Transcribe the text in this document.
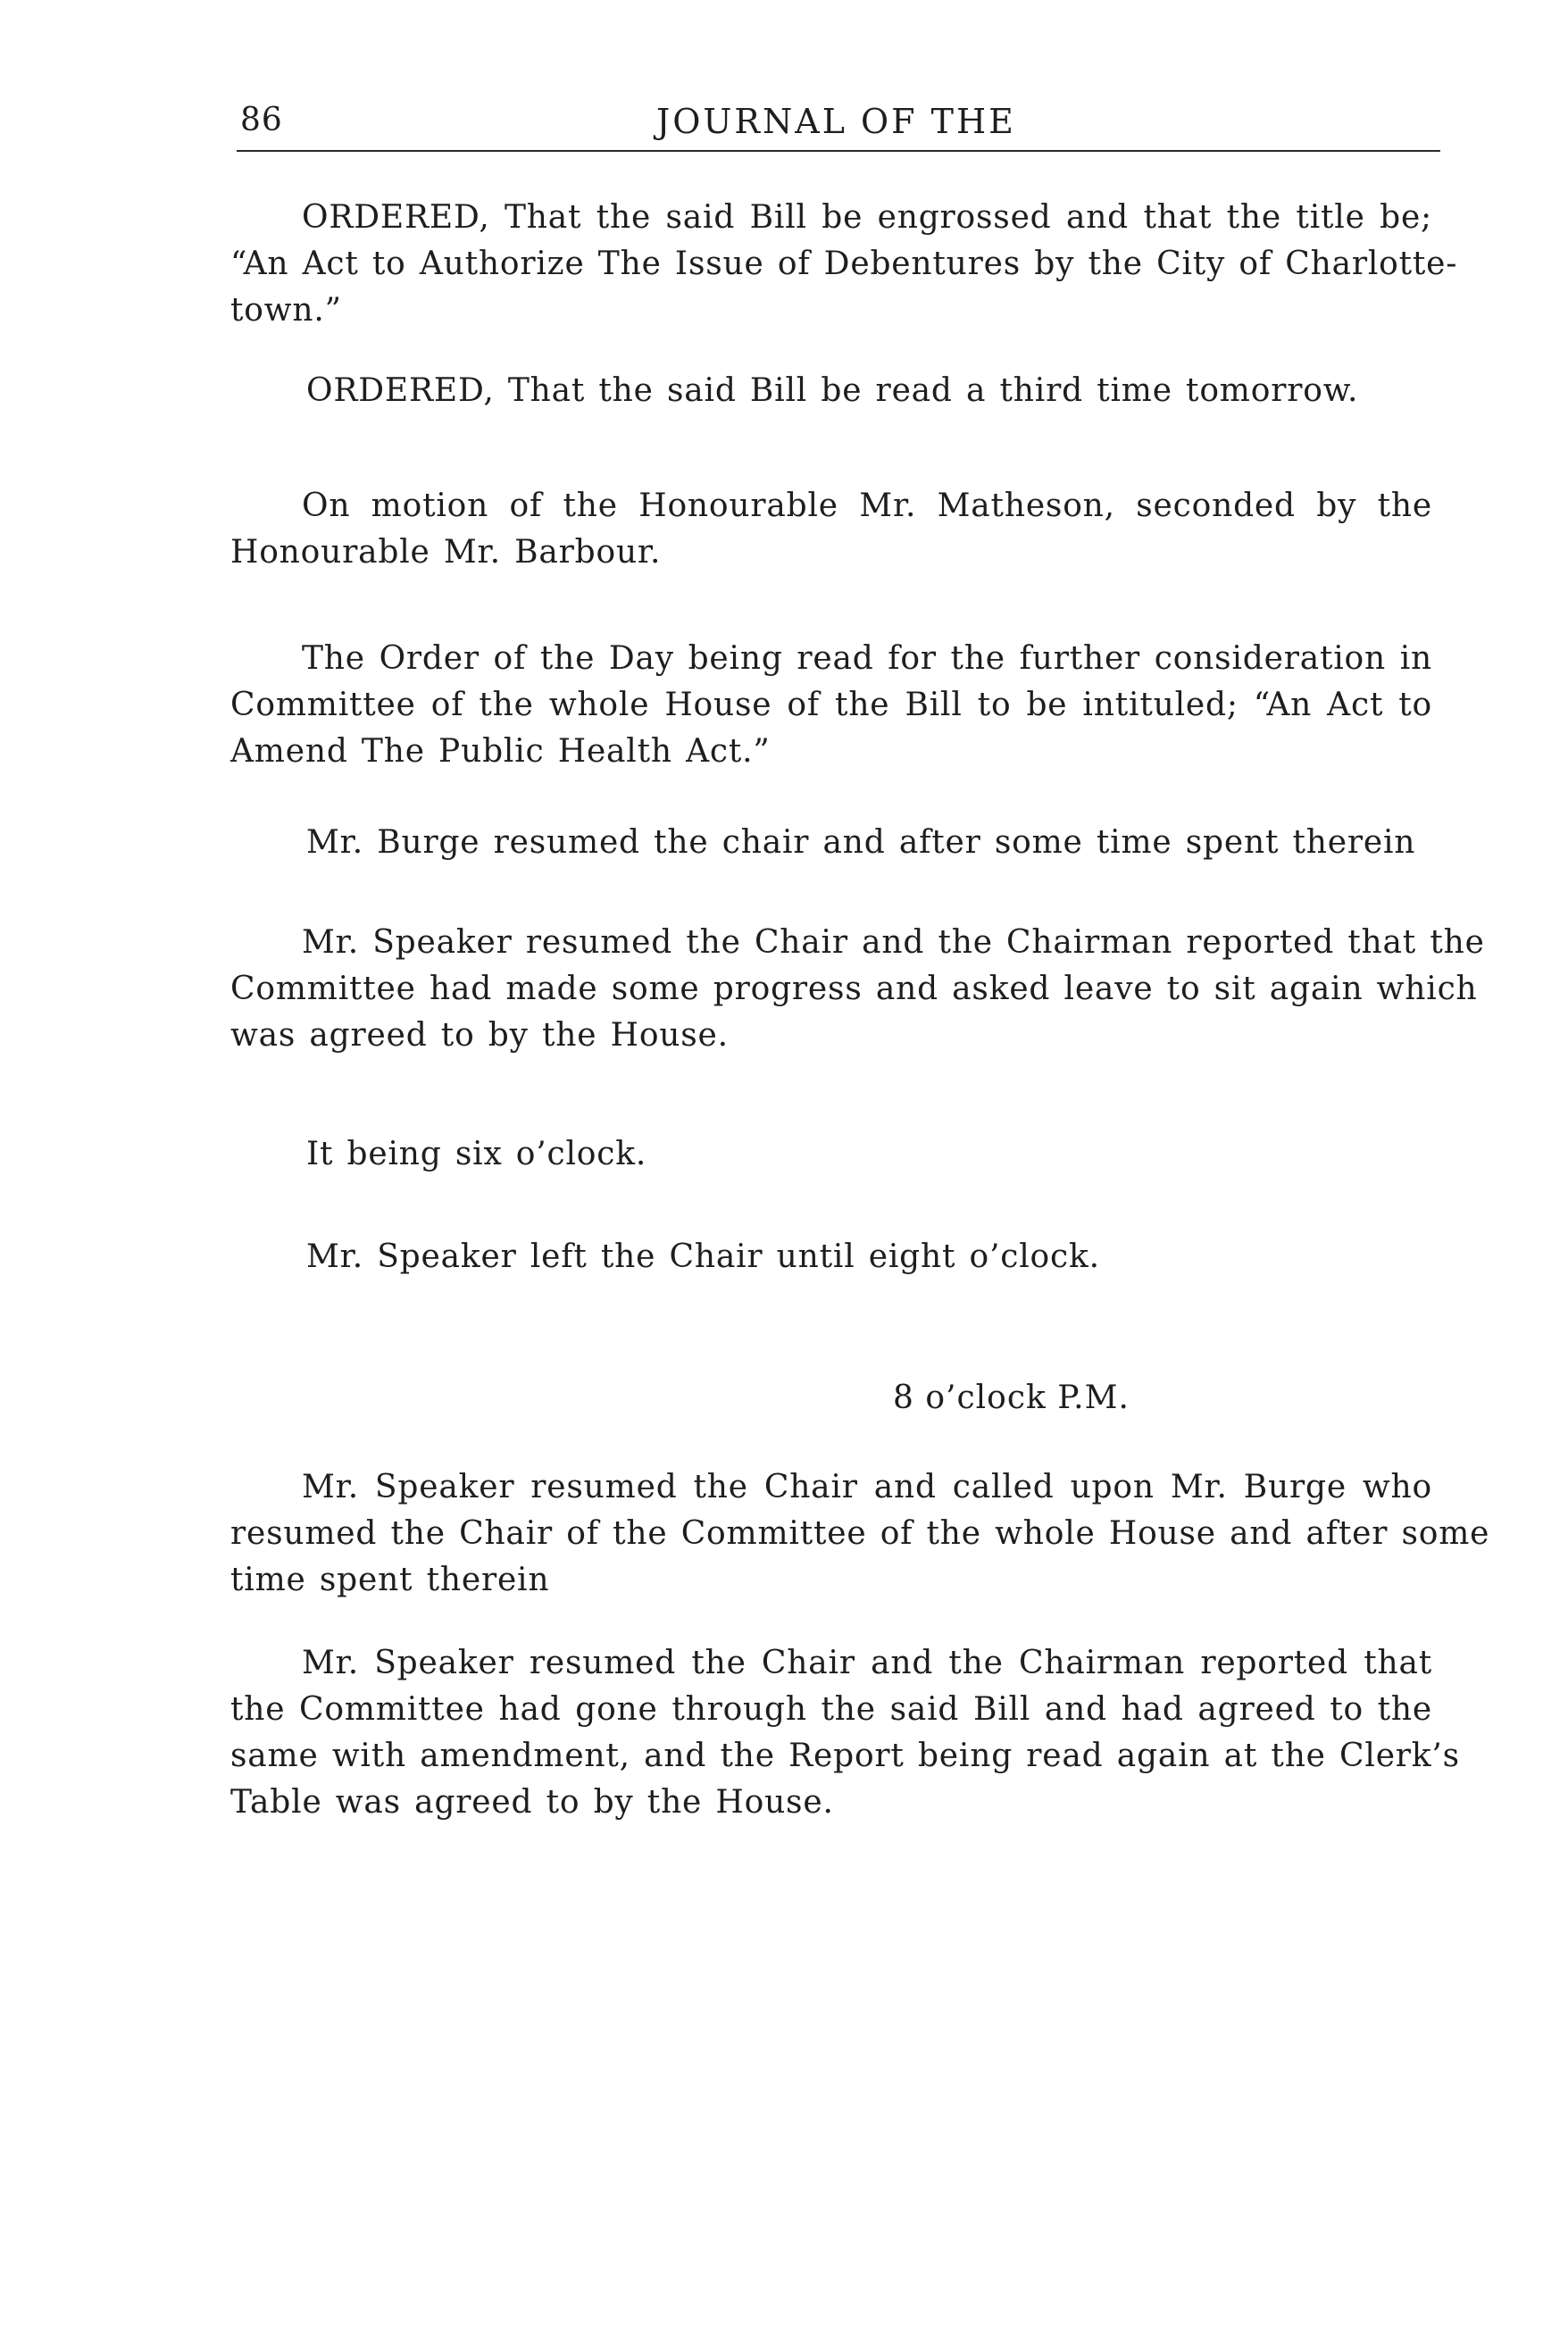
86	JOURNAL OF THE
ORDERED, That the said Bill be engrossed and that the title be;
“An Act to Authorize The Issue of Debentures by the City of Charlotte-
town.”
ORDERED, That the said Bill be read a third time tomorrow.
On motion of the Honourable Mr. Matheson, seconded by the
Honourable Mr. Barbour.
The Order of the Day being read for the further consideration in
Committee of the whole House of the Bill to be intituled; “An Act to
Amend The Public Health Act.”
Mr. Burge resumed the chair and after some time spent therein
Mr. Speaker resumed the Chair and the Chairman reported that the
Committee had made some progress and asked leave to sit again which
was agreed to by the House.
It being six o’clock.
Mr. Speaker left the Chair until eight o’clock.
8 o’clock P.M.
Mr. Speaker resumed the Chair and called upon Mr. Burge who
resumed the Chair of the Committee of the whole House and after some
time spent therein
Mr. Speaker resumed the Chair and the Chairman reported that
the Committee had gone through the said Bill and had agreed to the
same with amendment, and the Report being read again at the Clerk’s
Table was agreed to by the House.
